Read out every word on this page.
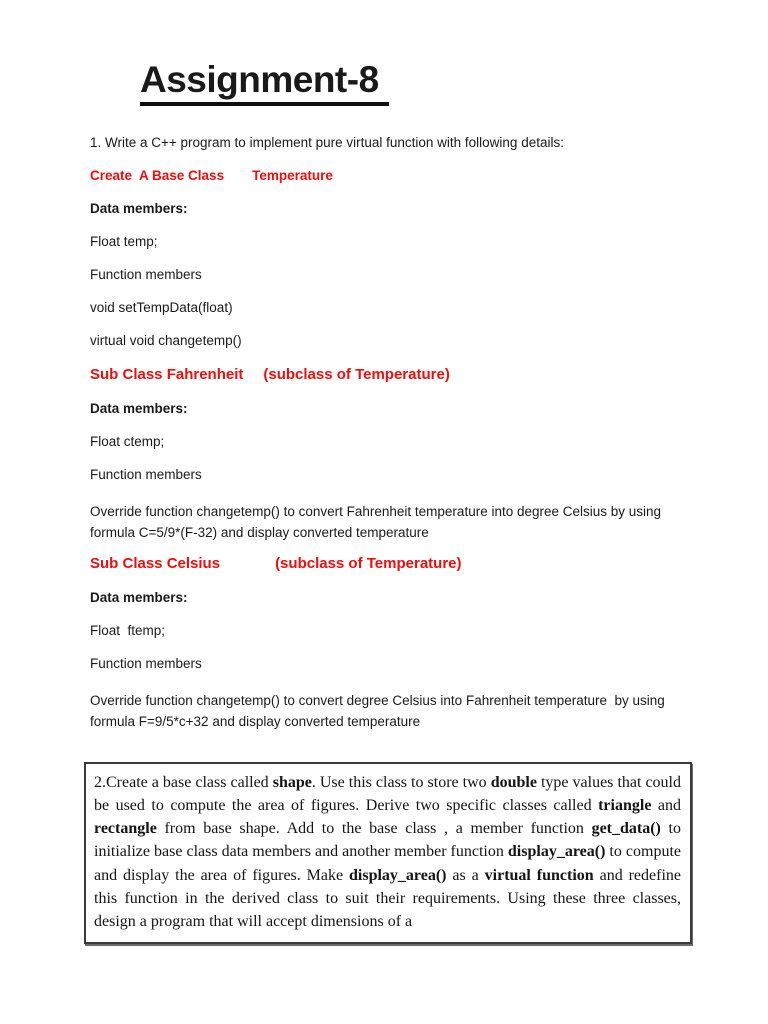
Assignment-8

1. Write a C++ program to implement pure virtual function with following details:

Create  A Base Class Temperature

Data members:

Float temp;

Function members

void setTempData(float)

virtual void changetemp()

Sub Class Fahrenheit (subclass of Temperature)

Data members:

Float ctemp;

Function members

Override function changetemp() to convert Fahrenheit temperature into degree Celsius by using formula C=5/9*(F-32) and display converted temperature

Sub Class Celsius	(subclass of Temperature)

Data members:

Float  ftemp;

Function members

Override function changetemp() to convert degree Celsius into Fahrenheit temperature  by using formula F=9/5*c+32 and display converted temperature

2.Create a base class called shape. Use this class to store two double type values that could be used to compute the area of figures. Derive two specific classes called triangle and rectangle from base shape. Add to the base class , a member function get_data() to initialize base class data members and another member function display_area() to compute and display the area of figures. Make display_area() as a virtual function and redefine this function in the derived class to suit their requirements. Using these three classes, design a program that will accept dimensions of a
